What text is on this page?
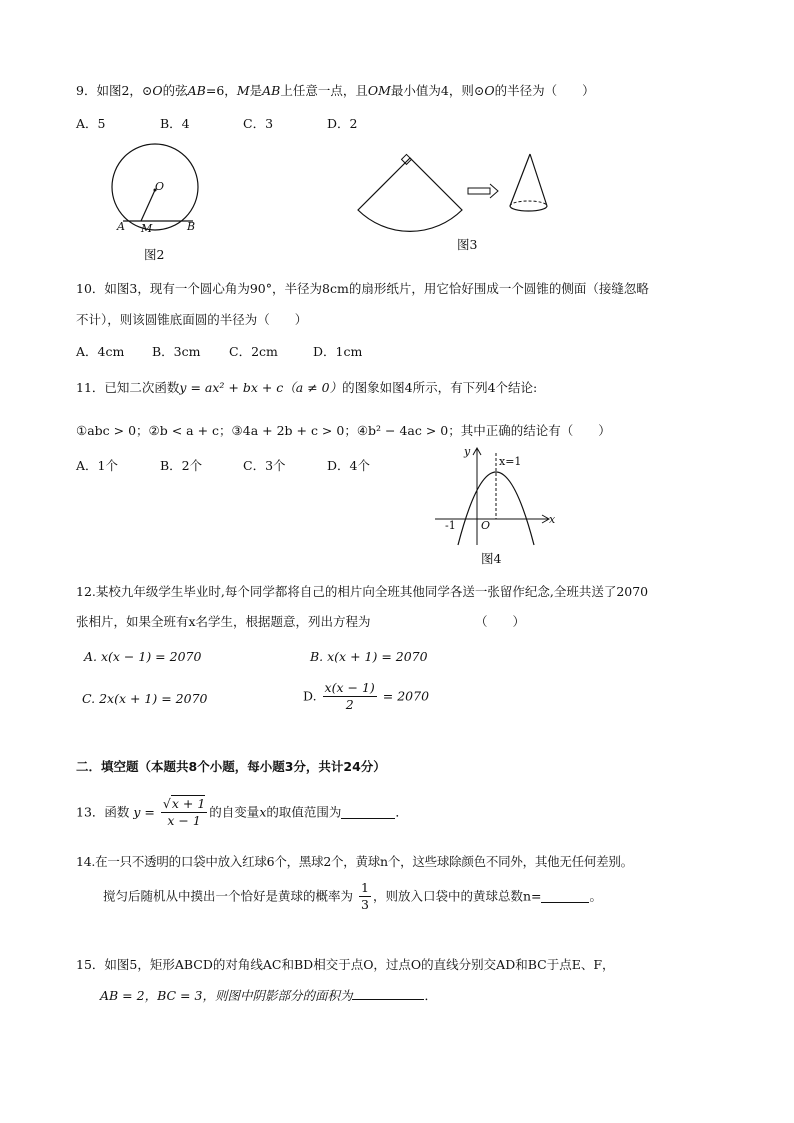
9．如图2，⊙O的弦AB=6，M是AB上任意一点，且OM最小值为4，则⊙O的半径为（　　）
A．5	B．4	C．3	D．2
O
A M	B
图2
图3
10．如图3，现有一个圆心角为90°，半径为8cm的扇形纸片，用它恰好围成一个圆锥的侧面（接缝忽略
不计），则该圆锥底面圆的半径为（　　）
A．4cm B．3cm C．2cm	D．1cm
11．已知二次函数y = ax² + bx + c（a ≠ 0）的图象如图4所示，有下列4个结论:
①abc > 0；②b < a + c；③4a + 2b + c > 0；④b² − 4ac > 0；其中正确的结论有（　　）
A．1个	B．2个	C．3个	D．4个
y
x=1
x
-1 O
图4
12.某校九年级学生毕业时,每个同学都将自己的相片向全班其他同学各送一张留作纪念,全班共送了2070
张相片，如果全班有x名学生，根据题意，列出方程为	（　　）
A. x(x − 1) = 2070	B. x(x + 1) = 2070
C. 2x(x + 1) = 2070	D. $\frac{x(x - 1)}{2} = 2070$
二．填空题（本题共8个小题，每小题3分，共计24分）
13．函数 $y = \frac{√x + 1}{x - 1}$ 的自变量x的取值范围为	．
14.在一只不透明的口袋中放入红球6个，黑球2个，黄球n个，这些球除颜色不同外，其他无任何差别。
搅匀后随机从中摸出一个恰好是黄球的概率为 $\frac{1}{3}$ ，则放入口袋中的黄球总数n=	。
15．如图5，矩形ABCD的对角线AC和BD相交于点O，过点O的直线分别交AD和BC于点E、F，
AB = 2，BC = 3，则图中阴影部分的面积为	．
